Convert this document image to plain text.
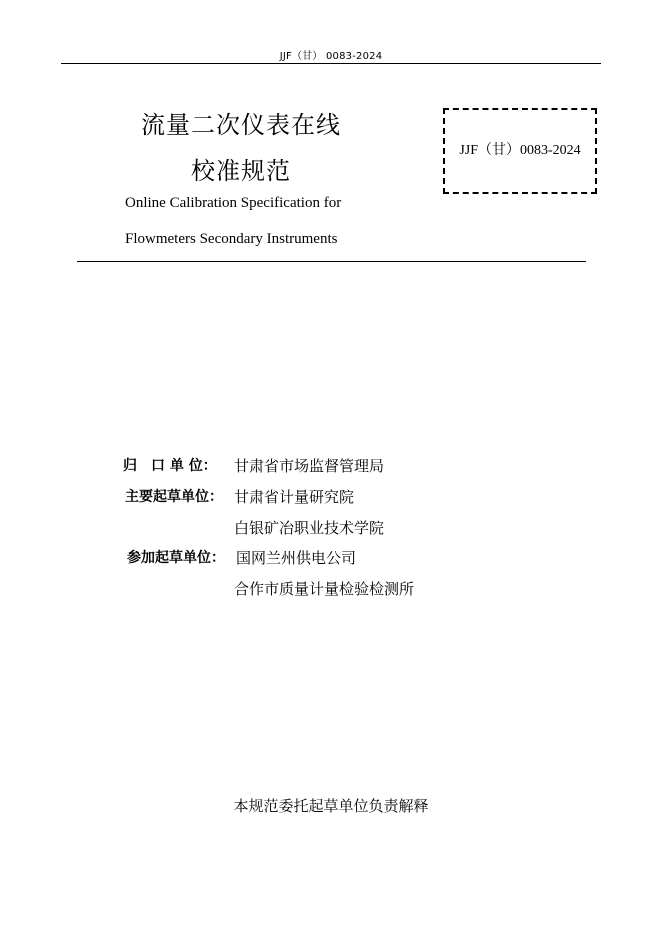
JJF（甘） 0083-2024
流量二次仪表在线
校准规范
Online Calibration Specification for
Flowmeters Secondary Instruments
JJF（甘）0083-2024
归　口 单 位： 甘肃省市场监督管理局
主要起草单位： 甘肃省计量研究院
白银矿冶职业技术学院
参加起草单位： 国网兰州供电公司
合作市质量计量检验检测所
本规范委托起草单位负责解释
